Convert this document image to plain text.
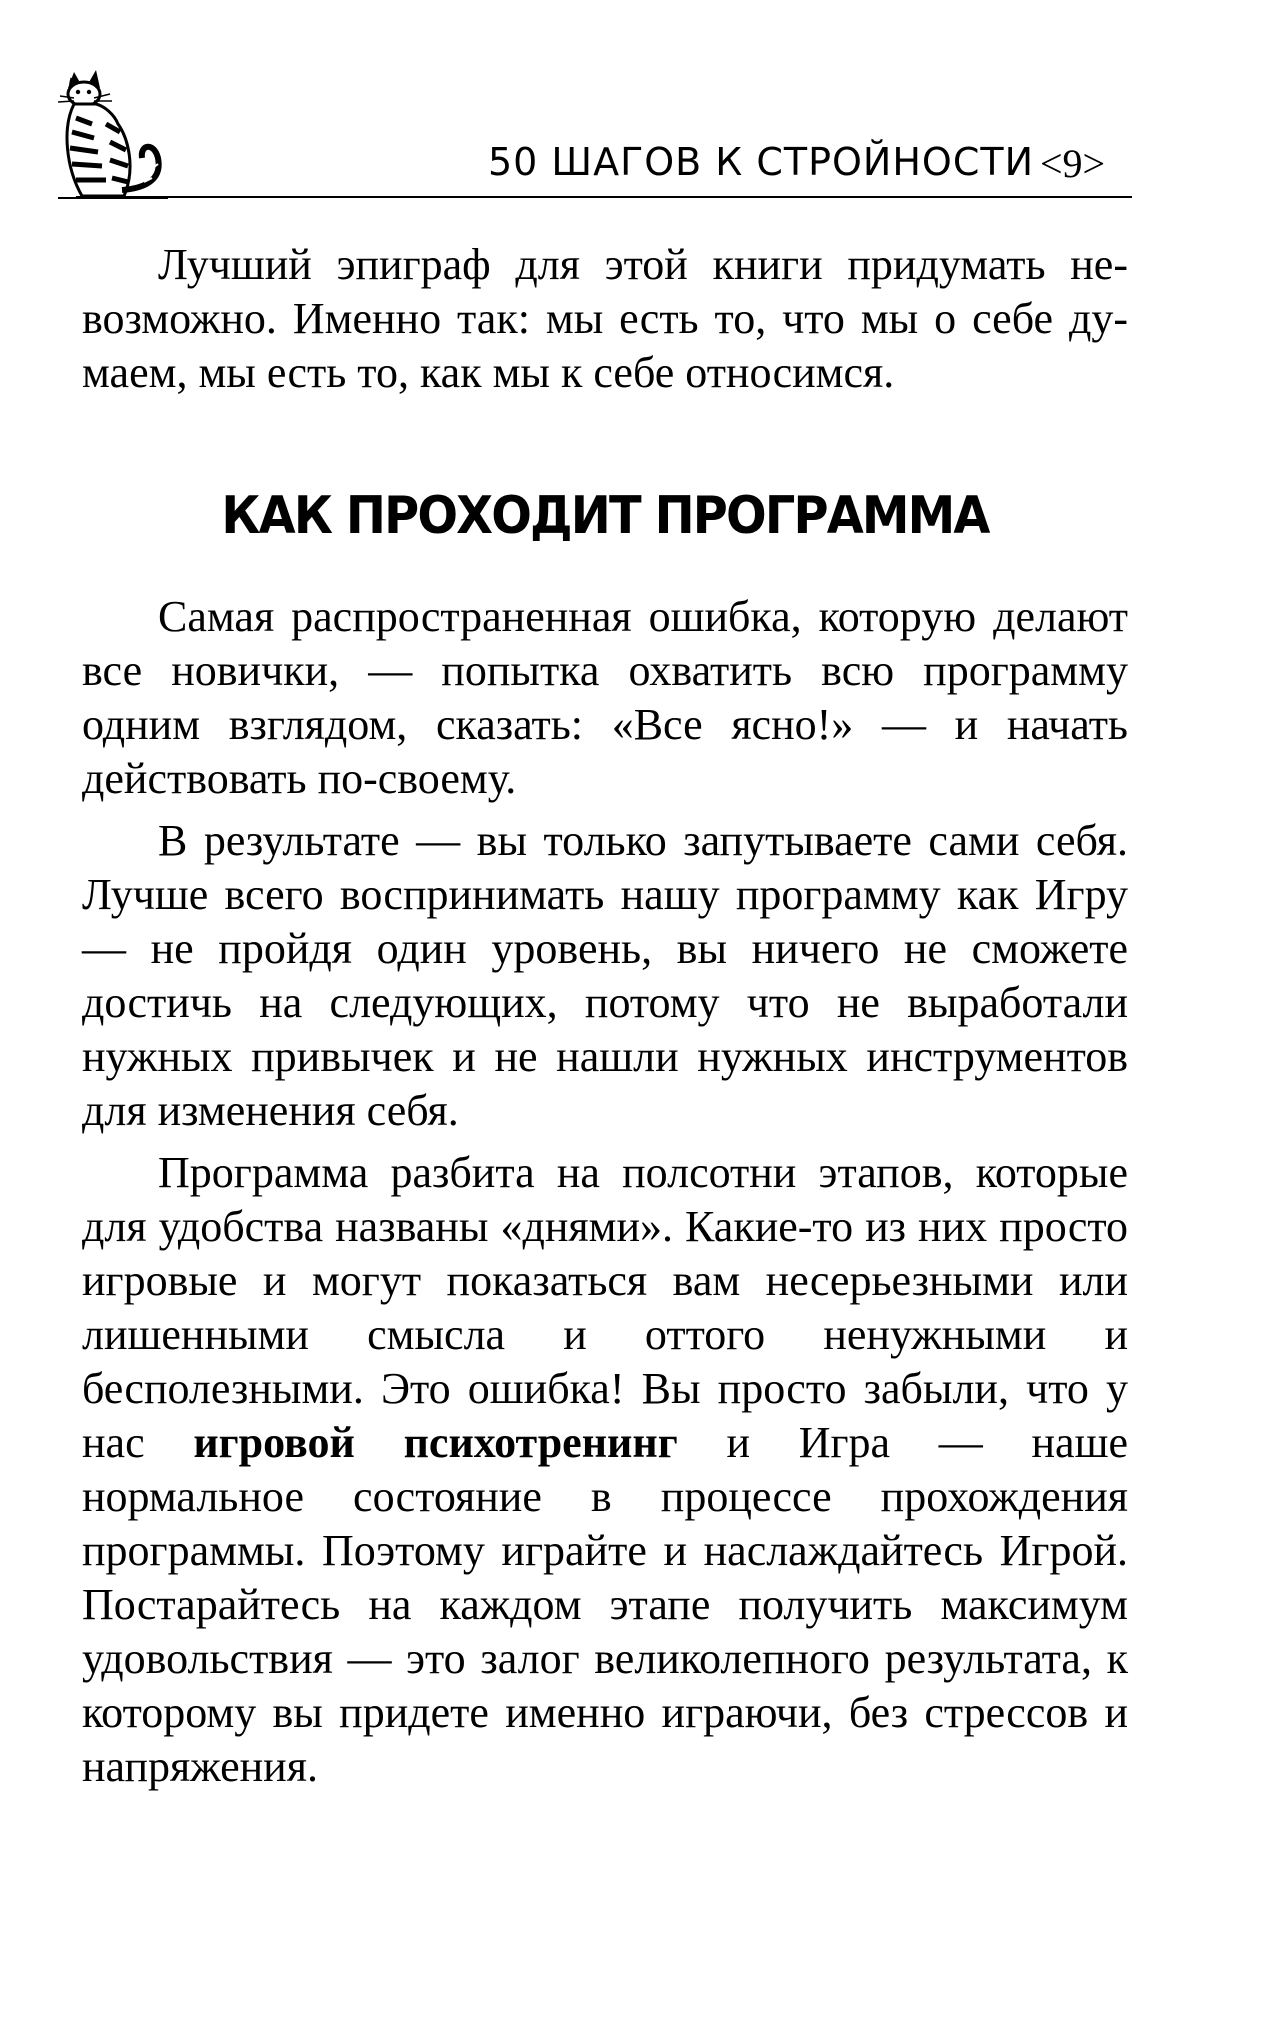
50 ШАГОВ К СТРОЙНОСТИ <9>

Лучший эпиграф для этой книги придумать невозможно. Именно так: мы есть то, что мы о себе думаем, мы есть то, как мы к себе относимся.

КАК ПРОХОДИТ ПРОГРАММА

Самая распространенная ошибка, которую делают все новички, — попытка охватить всю программу одним взглядом, сказать: «Все ясно!» — и начать действовать по-своему.

В результате — вы только запутываете сами себя. Лучше всего воспринимать нашу программу как Игру — не пройдя один уровень, вы ничего не сможете достичь на следующих, потому что не выработали нужных привычек и не нашли нужных инструментов для изменения себя.

Программа разбита на полсотни этапов, которые для удобства названы «днями». Какие-то из них просто игровые и могут показаться вам несерьезными или лишенными смысла и оттого ненужными и бесполезными. Это ошибка! Вы просто забыли, что у нас игровой психотренинг и Игра — наше нормальное состояние в процессе прохождения программы. Поэтому играйте и наслаждайтесь Игрой. Постарайтесь на каждом этапе получить максимум удовольствия — это залог великолепного результата, к которому вы придете именно играючи, без стрессов и напряжения.
